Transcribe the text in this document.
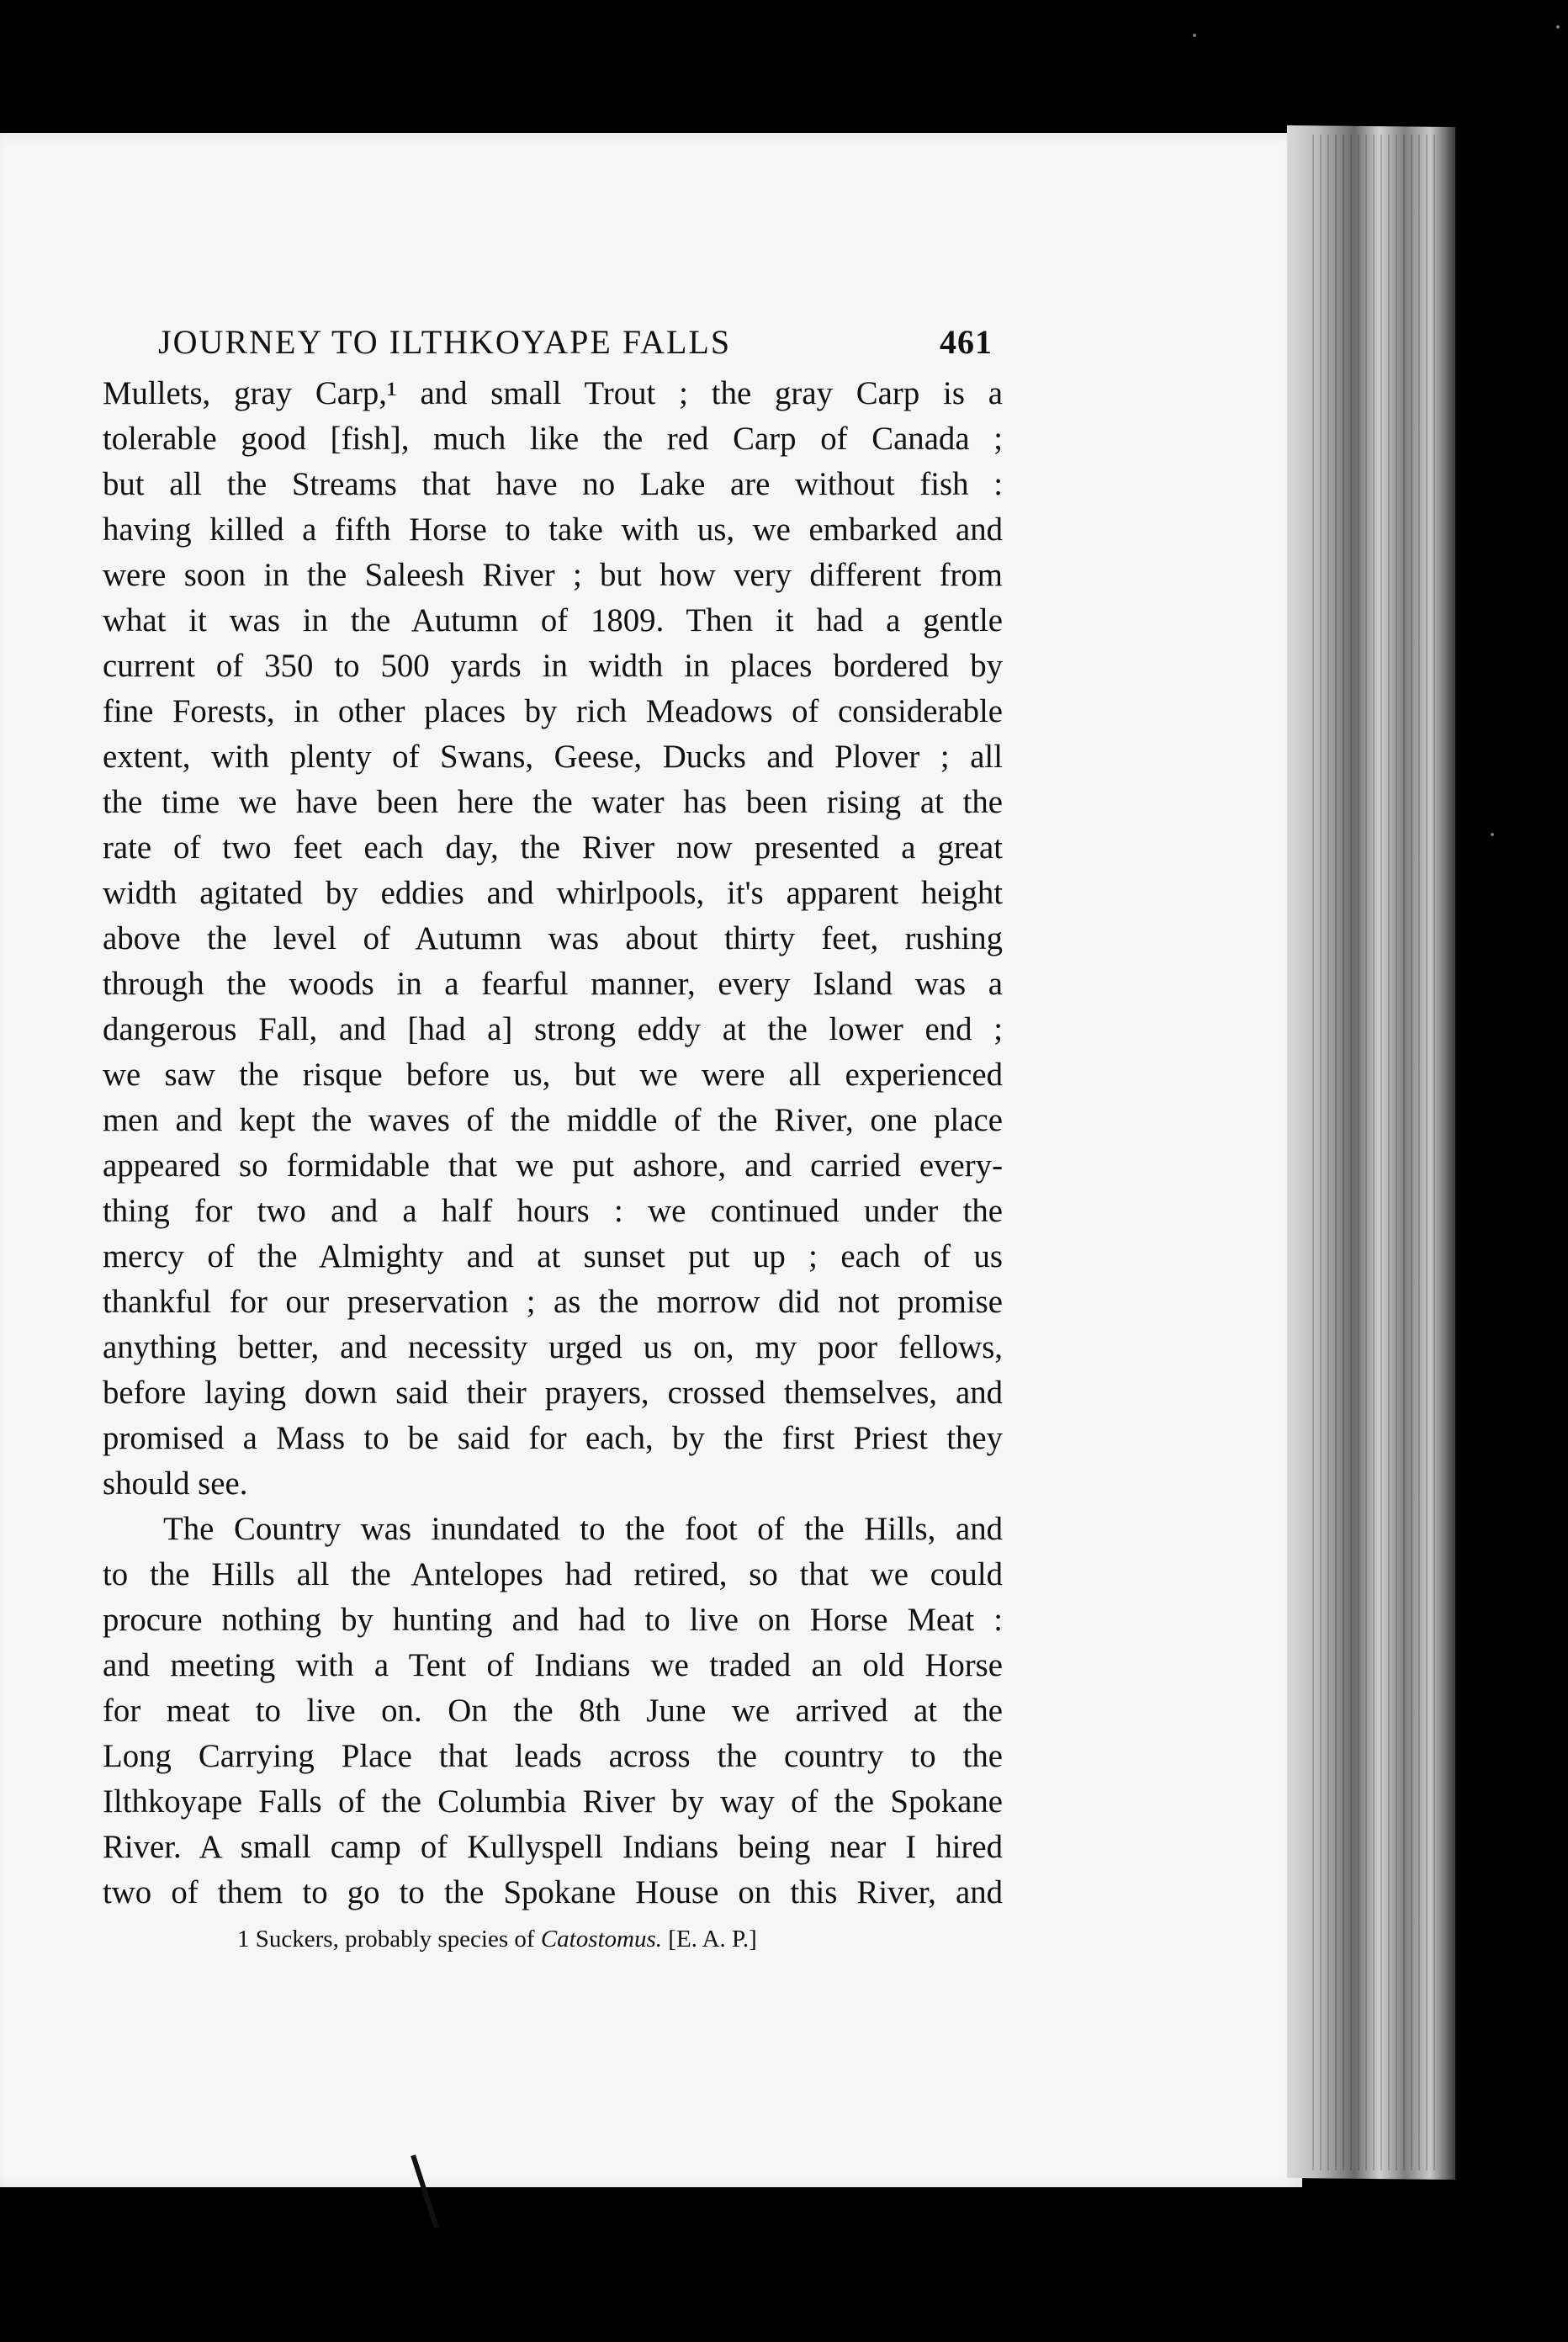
JOURNEY TO ILTHKOYAPE FALLS	461
Mullets, gray Carp,¹ and small Trout ; the gray Carp is a
tolerable good [fish], much like the red Carp of Canada ;
but all the Streams that have no Lake are without fish :
having killed a fifth Horse to take with us, we embarked and
were soon in the Saleesh River ; but how very different from
what it was in the Autumn of 1809. Then it had a gentle
current of 350 to 500 yards in width in places bordered by
fine Forests, in other places by rich Meadows of considerable
extent, with plenty of Swans, Geese, Ducks and Plover ; all
the time we have been here the water has been rising at the
rate of two feet each day, the River now presented a great
width agitated by eddies and whirlpools, it's apparent height
above the level of Autumn was about thirty feet, rushing
through the woods in a fearful manner, every Island was a
dangerous Fall, and [had a] strong eddy at the lower end ;
we saw the risque before us, but we were all experienced
men and kept the waves of the middle of the River, one place
appeared so formidable that we put ashore, and carried every-
thing for two and a half hours : we continued under the
mercy of the Almighty and at sunset put up ; each of us
thankful for our preservation ; as the morrow did not promise
anything better, and necessity urged us on, my poor fellows,
before laying down said their prayers, crossed themselves, and
promised a Mass to be said for each, by the first Priest they
should see.
The Country was inundated to the foot of the Hills, and
to the Hills all the Antelopes had retired, so that we could
procure nothing by hunting and had to live on Horse Meat :
and meeting with a Tent of Indians we traded an old Horse
for meat to live on. On the 8th June we arrived at the
Long Carrying Place that leads across the country to the
Ilthkoyape Falls of the Columbia River by way of the Spokane
River. A small camp of Kullyspell Indians being near I hired
two of them to go to the Spokane House on this River, and
1 Suckers, probably species of Catostomus. [E. A. P.]
